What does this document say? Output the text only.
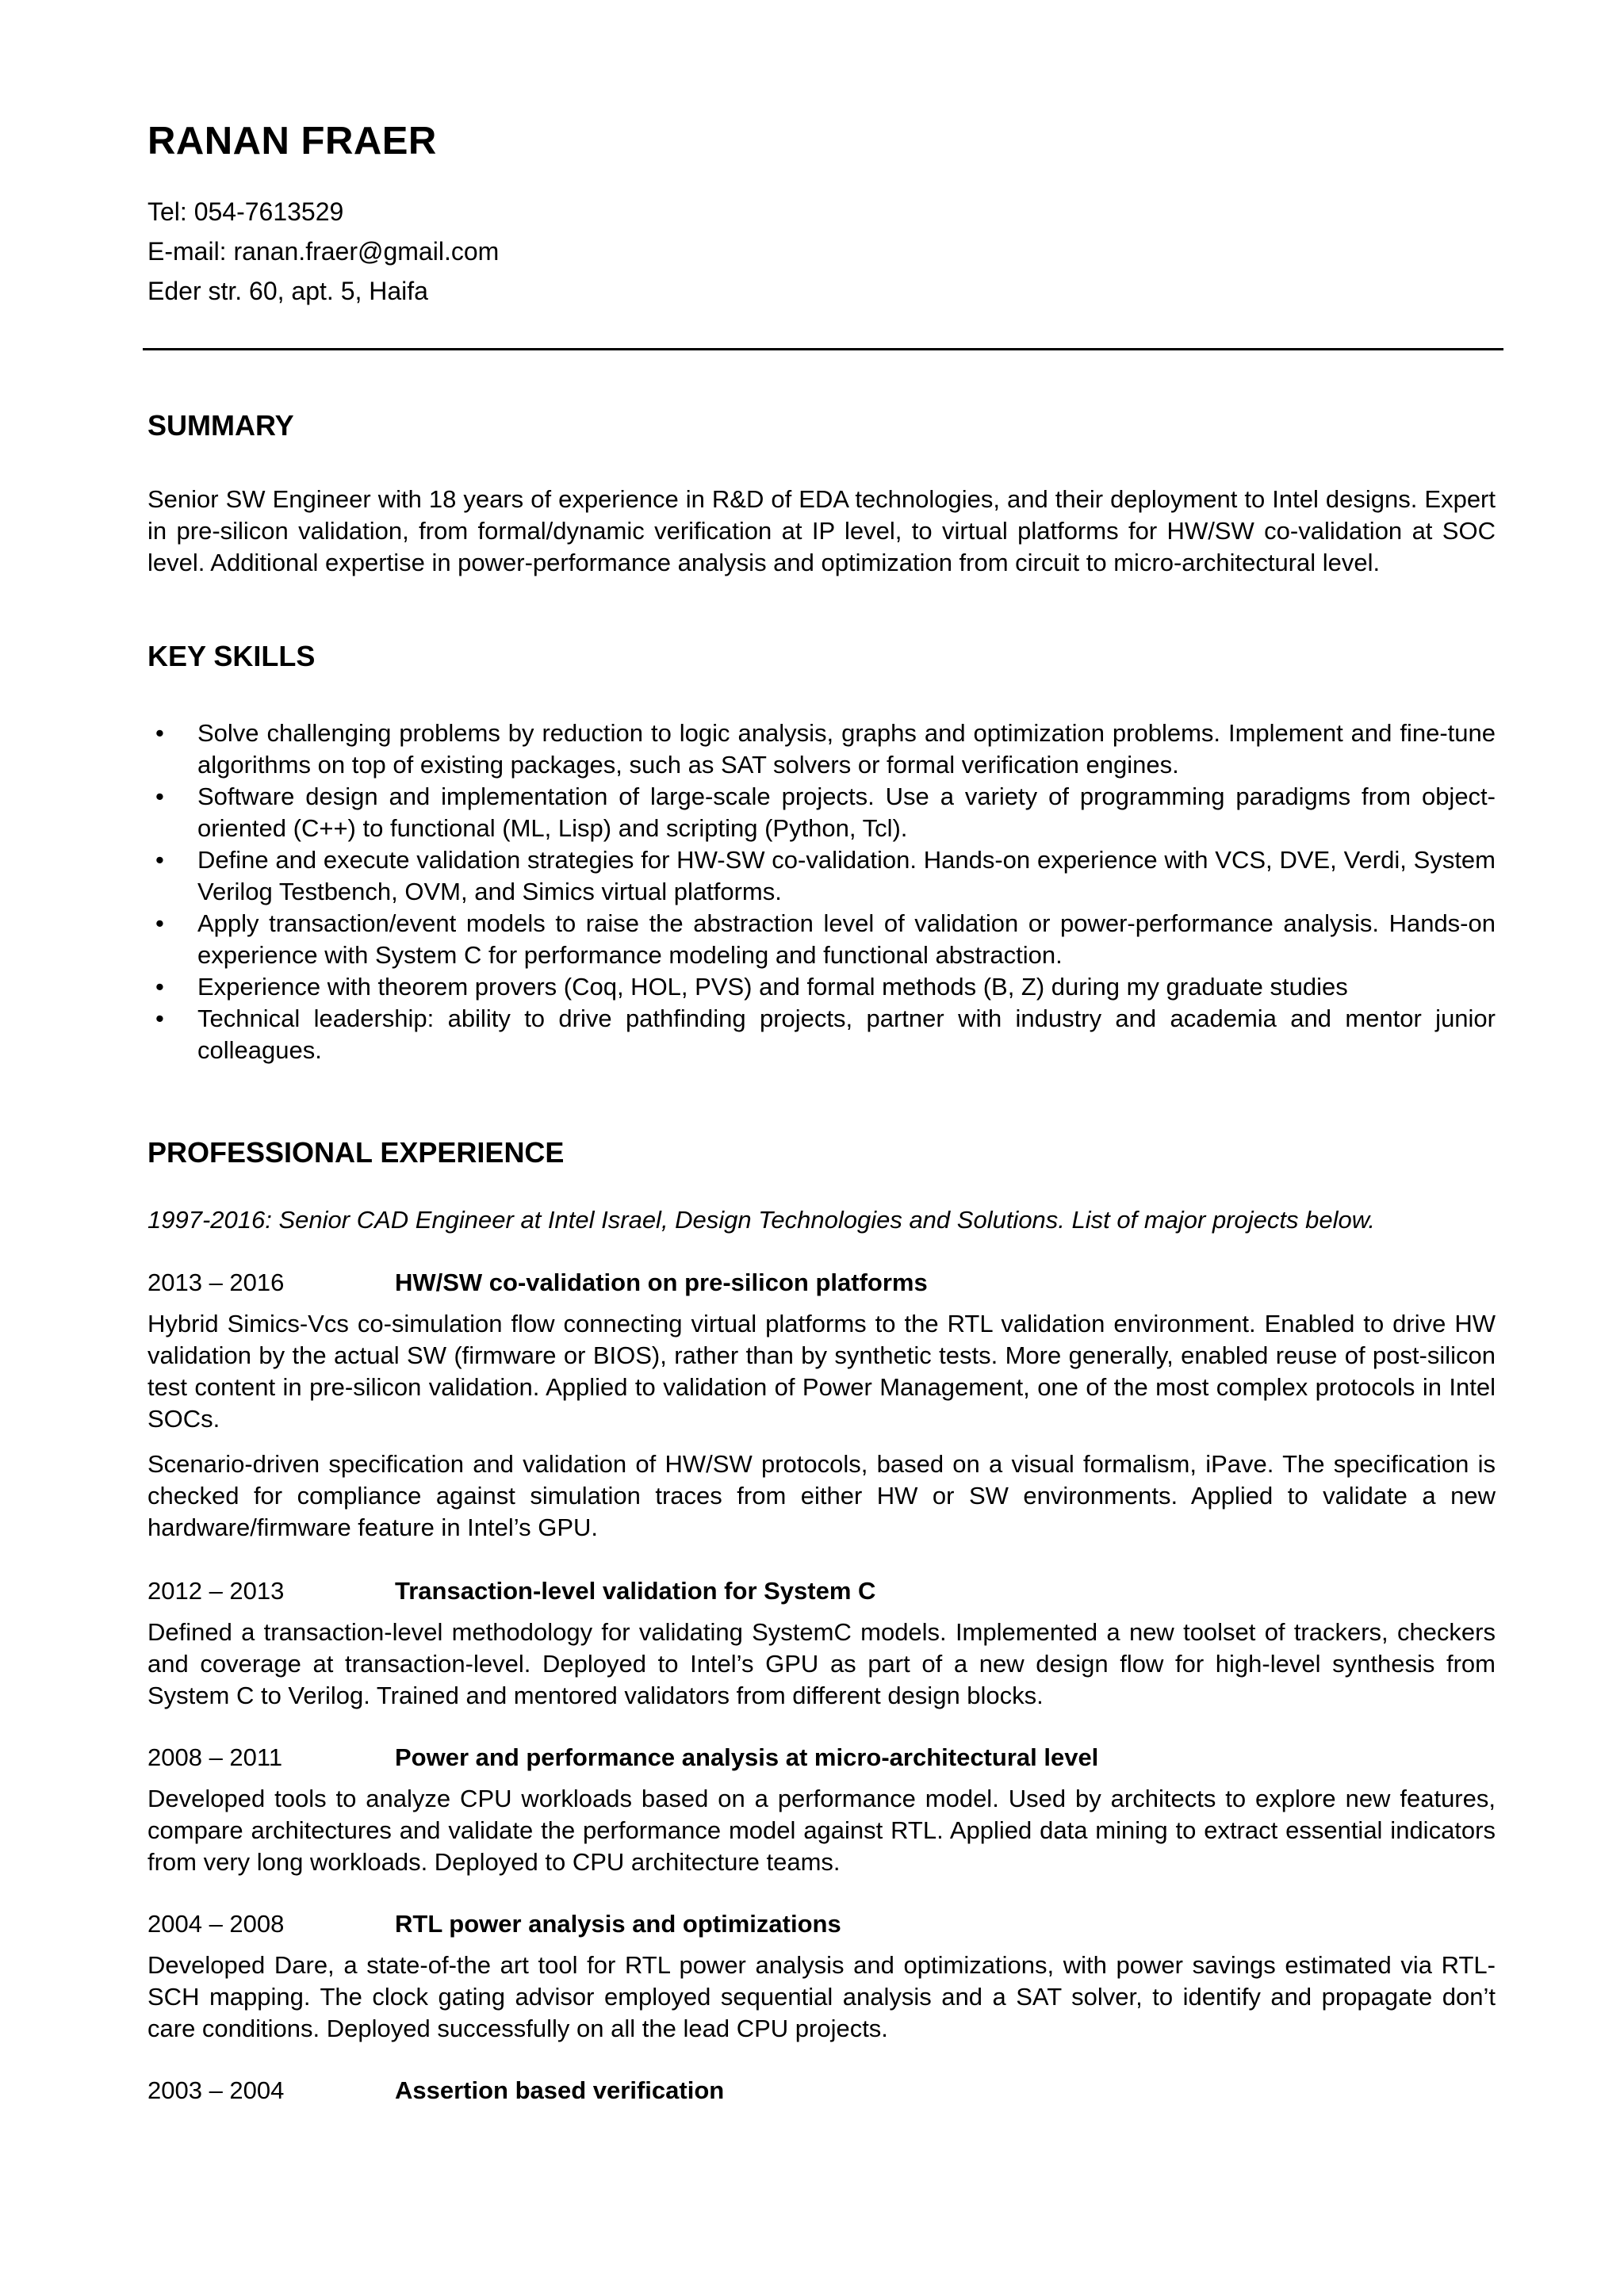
RANAN FRAER
Tel: 054-7613529
E-mail: ranan.fraer@gmail.com
Eder str. 60, apt. 5, Haifa
SUMMARY

Senior SW Engineer with 18 years of experience in R&D of EDA technologies, and their deployment to Intel designs. Expert in pre-silicon validation, from formal/dynamic verification at IP level, to virtual platforms for HW/SW co-validation at SOC level. Additional expertise in power-performance analysis and optimization from circuit to micro-architectural level.

KEY SKILLS
• Solve challenging problems by reduction to logic analysis, graphs and optimization problems. Implement and fine-tune algorithms on top of existing packages, such as SAT solvers or formal verification engines.
• Software design and implementation of large-scale projects. Use a variety of programming paradigms from object-oriented (C++) to functional (ML, Lisp) and scripting (Python, Tcl).
• Define and execute validation strategies for HW-SW co-validation. Hands-on experience with VCS, DVE, Verdi, System Verilog Testbench, OVM, and Simics virtual platforms.
• Apply transaction/event models to raise the abstraction level of validation or power-performance analysis. Hands-on experience with System C for performance modeling and functional abstraction.
• Experience with theorem provers (Coq, HOL, PVS) and formal methods (B, Z) during my graduate studies
• Technical leadership: ability to drive pathfinding projects, partner with industry and academia and mentor junior colleagues.
PROFESSIONAL EXPERIENCE
1997-2016: Senior CAD Engineer at Intel Israel, Design Technologies and Solutions. List of major projects below.
2013 – 2016	HW/SW co-validation on pre-silicon platforms

Hybrid Simics-Vcs co-simulation flow connecting virtual platforms to the RTL validation environment. Enabled to drive HW validation by the actual SW (firmware or BIOS), rather than by synthetic tests. More generally, enabled reuse of post-silicon test content in pre-silicon validation. Applied to validation of Power Management, one of the most complex protocols in Intel SOCs.

Scenario-driven specification and validation of HW/SW protocols, based on a visual formalism, iPave. The specification is checked for compliance against simulation traces from either HW or SW environments. Applied to validate a new hardware/firmware feature in Intel’s GPU.

2012 – 2013	Transaction-level validation for System C

Defined a transaction-level methodology for validating SystemC models. Implemented a new toolset of trackers, checkers and coverage at transaction-level. Deployed to Intel’s GPU as part of a new design flow for high-level synthesis from System C to Verilog. Trained and mentored validators from different design blocks.

2008 – 2011	Power and performance analysis at micro-architectural level

Developed tools to analyze CPU workloads based on a performance model. Used by architects to explore new features, compare architectures and validate the performance model against RTL. Applied data mining to extract essential indicators from very long workloads. Deployed to CPU architecture teams.

2004 – 2008	RTL power analysis and optimizations

Developed Dare, a state-of-the art tool for RTL power analysis and optimizations, with power savings estimated via RTL-SCH mapping. The clock gating advisor employed sequential analysis and a SAT solver, to identify and propagate don’t care conditions. Deployed successfully on all the lead CPU projects.

2003 – 2004	Assertion based verification
